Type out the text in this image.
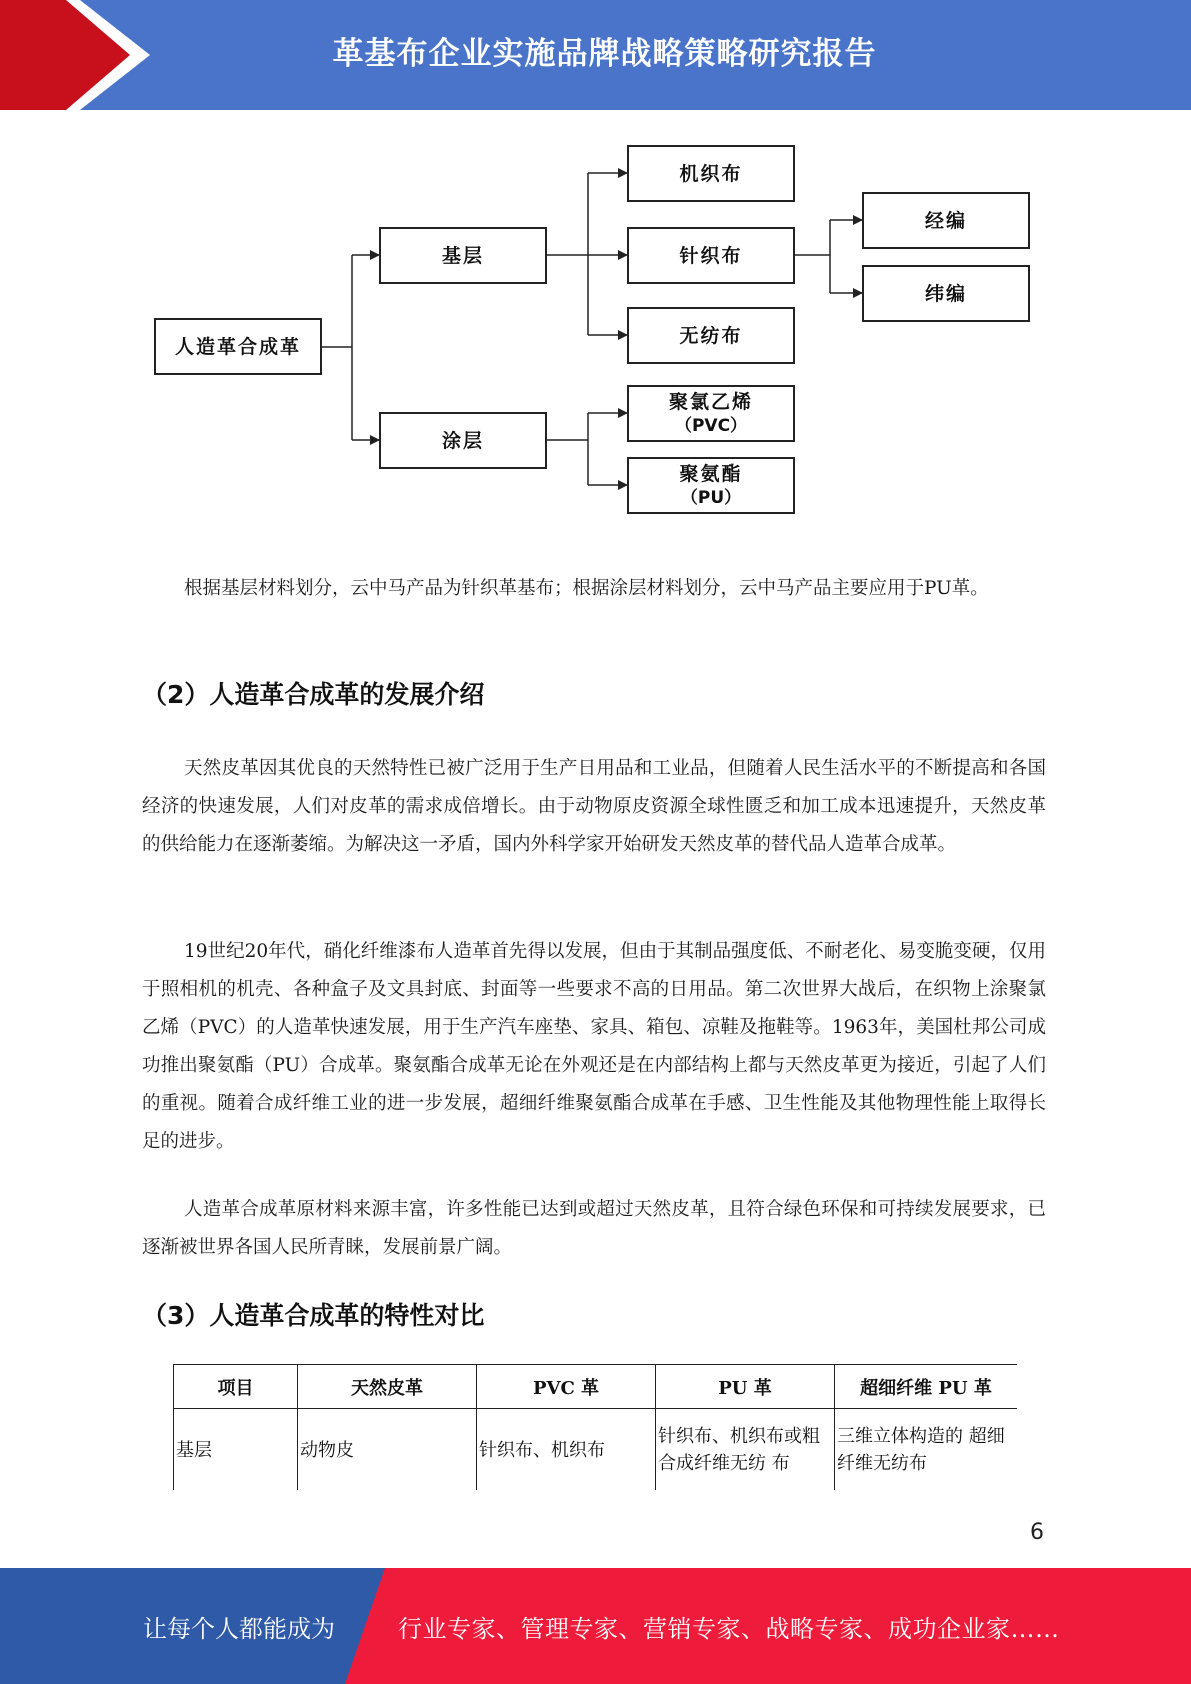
革基布企业实施品牌战略策略研究报告
人造革合成革
基层
涂层
机织布
针织布
无纺布
经编
纬编
聚氯乙烯
（PVC）
聚氨酯
（PU）

根据基层材料划分，云中马产品为针织革基布；根据涂层材料划分，云中马产品主要应用于PU革。

（2）人造革合成革的发展介绍

天然皮革因其优良的天然特性已被广泛用于生产日用品和工业品，但随着人民生活水平的不断提高和各国经济的快速发展，人们对皮革的需求成倍增长。由于动物原皮资源全球性匮乏和加工成本迅速提升，天然皮革的供给能力在逐渐萎缩。为解决这一矛盾，国内外科学家开始研发天然皮革的替代品人造革合成革。

19世纪20年代，硝化纤维漆布人造革首先得以发展，但由于其制品强度低、不耐老化、易变脆变硬，仅用于照相机的机壳、各种盒子及文具封底、封面等一些要求不高的日用品。第二次世界大战后，在织物上涂聚氯乙烯（PVC）的人造革快速发展，用于生产汽车座垫、家具、箱包、凉鞋及拖鞋等。1963年，美国杜邦公司成功推出聚氨酯（PU）合成革。聚氨酯合成革无论在外观还是在内部结构上都与天然皮革更为接近，引起了人们的重视。随着合成纤维工业的进一步发展，超细纤维聚氨酯合成革在手感、卫生性能及其他物理性能上取得长足的进步。

人造革合成革原材料来源丰富，许多性能已达到或超过天然皮革，且符合绿色环保和可持续发展要求，已逐渐被世界各国人民所青睐，发展前景广阔。

（3）人造革合成革的特性对比
项目	天然皮革	PVC 革	PU 革	超细纤维 PU 革
基层	动物皮	针织布、机织布	针织布、机织布或粗合成纤维无纺 布	三维立体构造的 超细纤维无纺布
6
让每个人都能成为	行业专家、管理专家、营销专家、战略专家、成功企业家……
